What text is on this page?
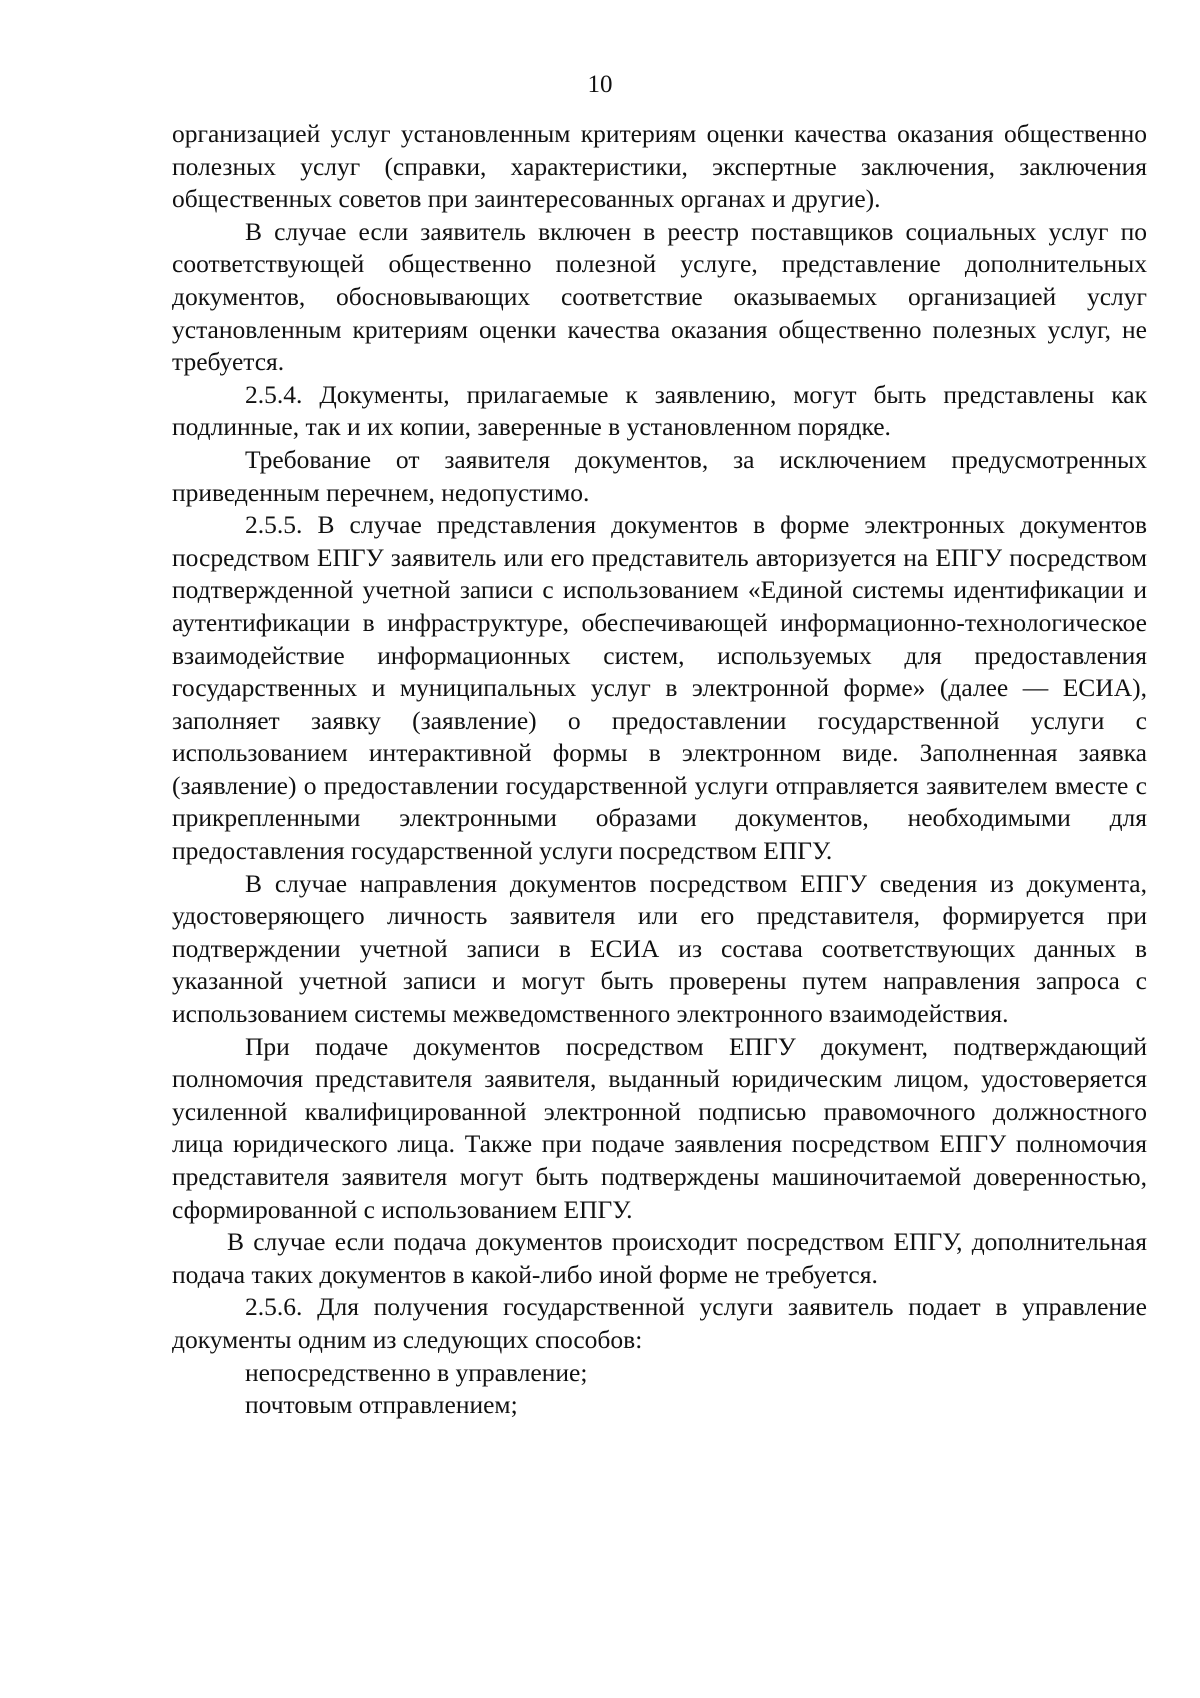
10

организацией услуг установленным критериям оценки качества оказания общественно полезных услуг (справки, характеристики, экспертные заключения, заключения общественных советов при заинтересованных органах и другие).

В случае если заявитель включен в реестр поставщиков социальных услуг по соответствующей общественно полезной услуге, представление дополнительных документов, обосновывающих соответствие оказываемых организацией услуг установленным критериям оценки качества оказания общественно полезных услуг, не требуется.

2.5.4. Документы, прилагаемые к заявлению, могут быть представлены как подлинные, так и их копии, заверенные в установленном порядке.

Требование от заявителя документов, за исключением предусмотренных приведенным перечнем, недопустимо.

2.5.5. В случае представления документов в форме электронных документов посредством ЕПГУ заявитель или его представитель авторизуется на ЕПГУ посредством подтвержденной учетной записи с использованием «Единой системы идентификации и аутентификации в инфраструктуре, обеспечивающей информационно-технологическое взаимодействие информационных систем, используемых для предоставления государственных и муниципальных услуг в электронной форме» (далее — ЕСИА), заполняет заявку (заявление) о предоставлении государственной услуги с использованием интерактивной формы в электронном виде. Заполненная заявка (заявление) о предоставлении государственной услуги отправляется заявителем вместе с прикрепленными электронными образами документов, необходимыми для предоставления государственной услуги посредством ЕПГУ.

В случае направления документов посредством ЕПГУ сведения из документа, удостоверяющего личность заявителя или его представителя, формируется при подтверждении учетной записи в ЕСИА из состава соответствующих данных в указанной учетной записи и могут быть проверены путем направления запроса с использованием системы межведомственного электронного взаимодействия.

При подаче документов посредством ЕПГУ документ, подтверждающий полномочия представителя заявителя, выданный юридическим лицом, удостоверяется усиленной квалифицированной электронной подписью правомочного должностного лица юридического лица. Также при подаче заявления посредством ЕПГУ полномочия представителя заявителя могут быть подтверждены машиночитаемой доверенностью, сформированной с использованием ЕПГУ.

В случае если подача документов происходит посредством ЕПГУ, дополнительная подача таких документов в какой-либо иной форме не требуется.

2.5.6. Для получения государственной услуги заявитель подает в управление документы одним из следующих способов:

непосредственно в управление;

почтовым отправлением;
